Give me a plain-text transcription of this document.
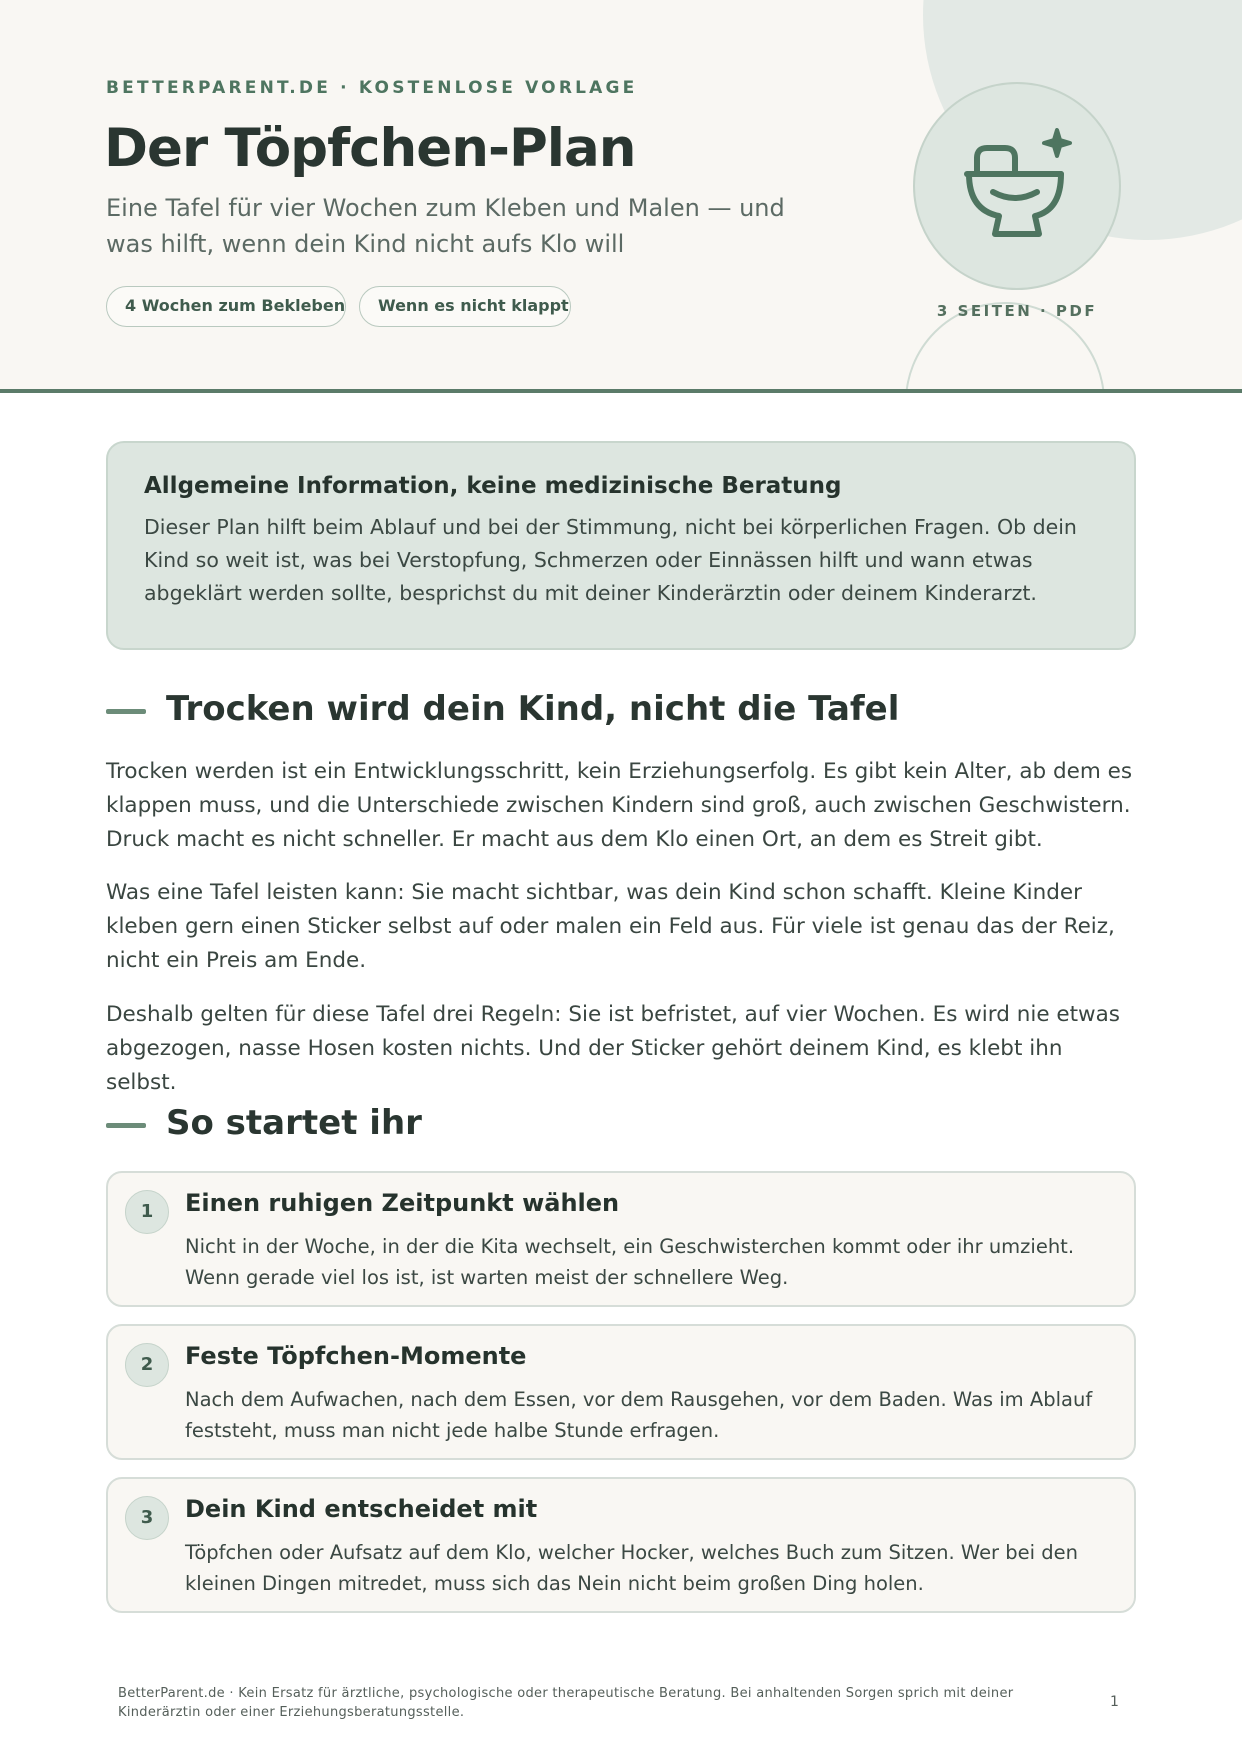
BETTERPARENT.DE · KOSTENLOSE VORLAGE
Der Töpfchen-Plan

Eine Tafel für vier Wochen zum Kleben und Malen — und was hilft, wenn dein Kind nicht aufs Klo will

4 Wochen zum Bekleben	Wenn es nicht klappt	3 SEITEN · PDF

Allgemeine Information, keine medizinische Beratung

Dieser Plan hilft beim Ablauf und bei der Stimmung, nicht bei körperlichen Fragen. Ob dein Kind so weit ist, was bei Verstopfung, Schmerzen oder Einnässen hilft und wann etwas abgeklärt werden sollte, besprichst du mit deiner Kinderärztin oder deinem Kinderarzt.

Trocken wird dein Kind, nicht die Tafel

Trocken werden ist ein Entwicklungsschritt, kein Erziehungserfolg. Es gibt kein Alter, ab dem es klappen muss, und die Unterschiede zwischen Kindern sind groß, auch zwischen Geschwistern. Druck macht es nicht schneller. Er macht aus dem Klo einen Ort, an dem es Streit gibt.

Was eine Tafel leisten kann: Sie macht sichtbar, was dein Kind schon schafft. Kleine Kinder kleben gern einen Sticker selbst auf oder malen ein Feld aus. Für viele ist genau das der Reiz, nicht ein Preis am Ende.

Deshalb gelten für diese Tafel drei Regeln: Sie ist befristet, auf vier Wochen. Es wird nie etwas abgezogen, nasse Hosen kosten nichts. Und der Sticker gehört deinem Kind, es klebt ihn selbst.

So startet ihr
1	Einen ruhigen Zeitpunkt wählen

Nicht in der Woche, in der die Kita wechselt, ein Geschwisterchen kommt oder ihr umzieht. Wenn gerade viel los ist, ist warten meist der schnellere Weg.

2	Feste Töpfchen-Momente

Nach dem Aufwachen, nach dem Essen, vor dem Rausgehen, vor dem Baden. Was im Ablauf feststeht, muss man nicht jede halbe Stunde erfragen.

3	Dein Kind entscheidet mit

Töpfchen oder Aufsatz auf dem Klo, welcher Hocker, welches Buch zum Sitzen. Wer bei den kleinen Dingen mitredet, muss sich das Nein nicht beim großen Ding holen.

BetterParent.de · Kein Ersatz für ärztliche, psychologische oder therapeutische Beratung. Bei anhaltenden Sorgen sprich mit deiner Kinderärztin oder einer Erziehungsberatungsstelle.

1
